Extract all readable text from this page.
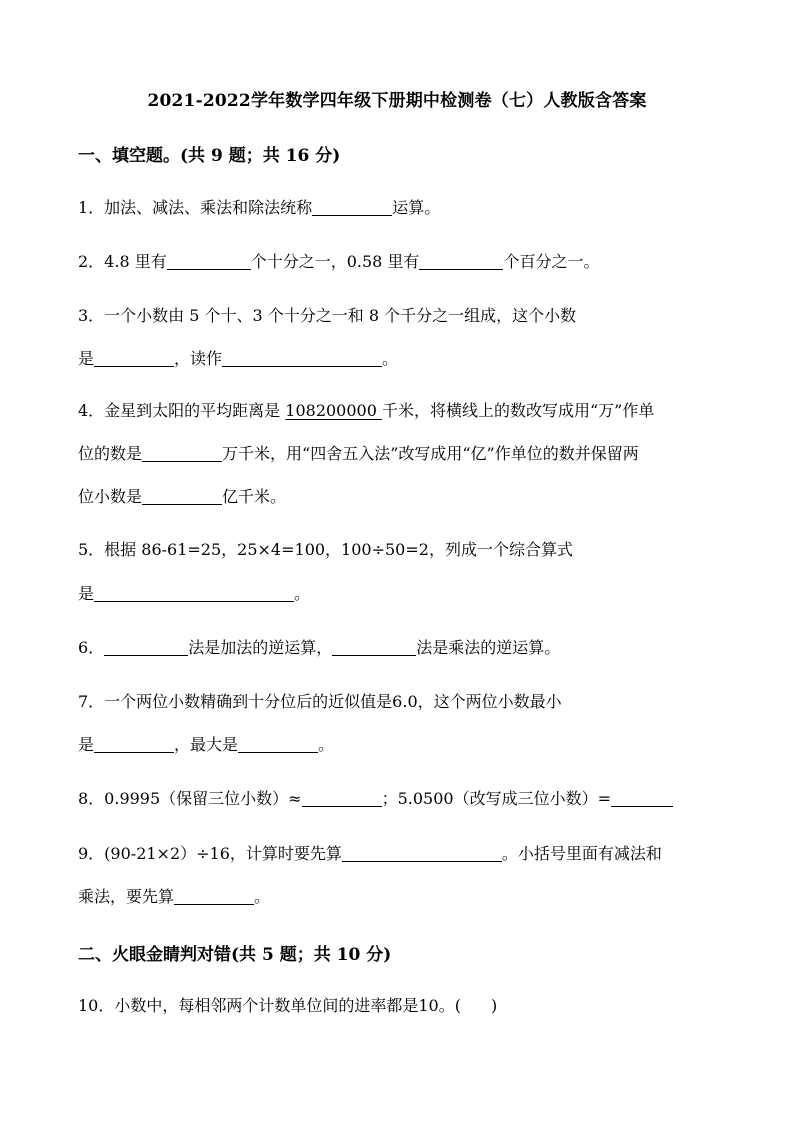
2021-2022学年数学四年级下册期中检测卷（七）人教版含答案
一、填空题。(共 9 题；共 16 分)
1．加法、减法、乘法和除法统称	运算。
2．4.8 里有	个十分之一，0.58 里有	个百分之一。
3．一个小数由 5 个十、3 个十分之一和 8 个千分之一组成，这个小数
是	，读作	。
4．金星到太阳的平均距离是 108200000 千米，将横线上的数改写成用“万”作单
位的数是	万千米，用“四舍五入法”改写成用“亿”作单位的数并保留两
位小数是	亿千米。
5．根据 86-61=25，25×4=100，100÷50=2，列成一个综合算式
是	。
6．	法是加法的逆运算，	法是乘法的逆运算。
7．一个两位小数精确到十分位后的近似值是6.0，这个两位小数最小
是	，最大是	。
8．0.9995（保留三位小数）≈	；5.0500（改写成三位小数）=
9．(90-21×2）÷16，计算时要先算	。小括号里面有减法和
乘法，要先算	。
二、火眼金睛判对错(共 5 题；共 10 分)
10．小数中，每相邻两个计数单位间的进率都是10。( )
